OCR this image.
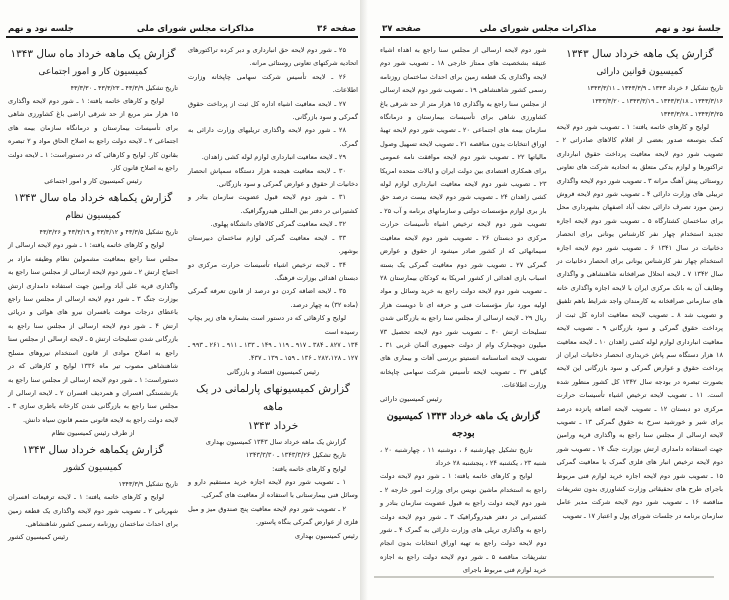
صفحه ۳۶
مذاکرات مجلس شورای ملی
جلسه نود و نهم

۲۵ ـ شور دوم لایحه حق انبارداری و دبر کرده تراکتورهای اتحادیه شرکتهای تعاونی روستائی مرانه.

۲۶ ـ لایحه تأسیس شرکت سهامی چاپخانه وزارت اطلاعات.

۲۷ ـ لایحه معافیت اشیاء اداره کل ثبت از پرداخت حقوق گمرکی و سود بازرگانی.

۲۸ ـ شور دوم لایحه واگذاری تریلیهای وزارت دارائی به گمرک.

۲۹ ـ لایحه معافیت انبارداری لوازم لوله کشی زاهدان.

۳۰ ـ لایحه معافیت هیجده هزار دستگاه سمپاش انحصار دخانیات از حقوق و عوارض گمرکی و سود بازرگانی.

۳۱ ـ شور دوم لایحه قبول عضویت سازمان بنادر و کشتیرانی در دفتر بین المللی هیدروگرافیک.

۳۲ ـ لایحه معافیت گمرکی کالاهای دانشگاه پهلوی.

۳۳ ـ لایحه معافیت گمرکی لوازم ساختمان دبیرستان بوشهر.

۳۴ ـ لایحه ترخیص اشیاء تأسیسات حرارت مرکزی دو دبستان اهدائی بوزارت فرهنگ.

۳۵ ـ لایحه اضافه کردن دو درصد از قانون تعرفه گمرکی (ماده ۳۲) به چهار درصد.

لوایح و کارهائی که در دستور است بشماره های زیر بچاپ رسیده است

۱۳۴ ـ ۸۲۷ ـ ۳۸۴ ـ ۹۱۷ ـ ۱۱۹ ـ ۱۴۹ ـ ۱۳۳ ـ ۹۱۱ ـ ۲۶۱ ـ ۹۹۳ ـ ۱۲۷ ـ ۲۸۲،۱۲۸ ـ ۱۳۶ ـ ۱۵۹ ـ ۱۳۹ ـ ۴۳۷.

رئیس کمیسیون اقتصاد و بازرگانی

گزارش کمیسیونهای پارلمانی در یک ماهه
خرداد ۱۳۴۳

گزارش یک ماهه خرداد سال ۱۳۴۳ کمیسیون بهداری

تاریخ تشکیل ۱۳۴۳/۳/۲۶ ـ ۱۳۴۳/۳/۳۰

لوایح و کارهای خاتمه یافته:

۱ ـ تصویب شور دوم لایحه اجازه خرید مستقیم دارو و وسائل فنی بیمارستانی با استفاده از معافیت های گمرکی.

۲ ـ تصویب شور دوم لایحه معافیت پنج صندوق میز و مبل فلزی از عوارض گمرکی بنگاه پاستور.

رئیس کمیسیون بهداری

گزارش یک ماهه خرداد ماه سال ۱۳۴۳
کمیسیون کار و امور اجتماعی

تاریخ تشکیل ۴۳/۳/۹ ـ ۴۳/۳/۲۳ ـ ۴۳/۳/۳۰

لوایح و کارهای خاتمه یافته: ۱ ـ شور دوم لایحه واگذاری ۱۵ هزار متر مربع از حد شرقی اراضی باغ کشاورزی شاهی برای تأسیسات بیمارستان و درمانگاه سازمان بیمه های اجتماعی ۲ ـ لایحه دولت راجع به اصلاح الحاق مواد و ۲ تبصره بقانون کار. لوایح و کارهائی که در دستوراست: ۱ ـ لایحه دولت راجع به اصلاح قانون کار.

رئیس کمیسیون کار و امور اجتماعی

گزارش یکماهه خرداد ماه سال ۱۳۴۳
کمیسیون نظام

تاریخ تشکیل ۴۳/۳/۵ و ۴۳/۳/۱۲ و ۴۳/۳/۱۹ و ۴۳/۳/۲۶

لوایح و کارهای خاتمه یافته: ۱ ـ شور دوم لایحه ارسالی از مجلس سنا راجع بمعافیت مشمولین نظام وظیفه مازاد بر احتیاج ارتش ۲ ـ شور دوم لایحه ارسالی از مجلس سنا راجع به واگذاری قریه علی آباد ورامین جهت استفاده دامداری ارتش بوزارت جنگ ۳ ـ شور دوم لایحه ارسالی از مجلس سنا راجع باعطای درجات موقت بافسران نیرو های هوائی و دریائی ارتش ۴ ـ شور دوم لایحه ارسالی از مجلس سنا راجع به بازرگانی شدن تسلیحات ارتش ۵ ـ لایحه ارسالی از مجلس سنا راجع به اصلاح موادی از قانون استخدام نیروهای مسلح شاهنشاهی مصوب تیر ماه ۱۳۳۶ لوایح و کارهائی که در دستوراست: ۱ ـ شور دوم لایحه ارسالی از مجلس سنا راجع به بازنشستگی افسران و همردیف افسران ۲ ـ لایحه ارسالی از مجلس سنا راجع به بازرگانی شدن کارخانه باطری سازی ۳ ـ لایحه دولت راجع به لایحه قانونی متمم قانون سیاه دانش.

از طرف رئیس کمیسیون نظام

گزارش یکماهه خرداد سال ۱۳۴۳
کمیسیون کشور

تاریخ تشکیل ۱۳۴۳/۳/۹

لوایح و کارهای خاتمه یافته: ۱ ـ لایحه ترفیعات افسران شهربانی ۲ ـ تصویب شور دوم لایحه واگذاری یک قطعه زمین برای احداث ساختمان روزنامه رسمی کشور شاهنشاهی.

رئیس کمیسیون کشور

جلسهٔ نود و نهم
مذاکرات مجلس شورای ملی
صفحه ۳۷
گزارش یک ماهه خرداد سال ۱۳۴۳
کمیسیون قوانین دارائی

تاریخ تشکیل ۶ خرداد ۱۳۴۳ ـ ۱۳۴۳/۳/۹ ـ ۱۳۴۳/۳/۱۱

۱۳۴۳/۳/۱۶ ـ ۱۳۴۳/۳/۱۸ ـ ۱۳۴۳/۳/۱۹ ـ ۱۳۴۳/۳/۲۰

۱۳۴۳/۳/۲۵ ـ ۱۳۴۳/۳/۲۸

لوایح و کارهای خاتمه یافته: ۱ ـ تصویب شور دوم لایحه کمک بتوسعه صدور بعضی از اقلام کالاهای صادراتی ۲ ـ تصویب شور دوم لایحه معافیت پرداخت حقوق انبارداری تراکتورها و لوازم یدکی متعلق به اتحادیه شرکت های تعاونی روستائی پیش آهنگ مرانه ۳ ـ تصویب شور دوم لایحه واگذاری تربیلی های وزارت دارائی ۴ ـ تصویب شور دوم لایحه فروش زمین مورد تصرف دارائی نجف آباد اصفهان بشهرداری محل برای ساختمان کشتارگاه ۵ ـ تصویب شور دوم لایحه اجازه تجدید استخدام چهار نفر کارشناس یونانی برای انحصار دخانیات در سال ۱۳۴۱ ۶ ـ تصویب شور دوم لایحه اجازه استخدام چهار نفر کارشناس یونانی برای انحصار دخانیات در سال ۱۳۴۲ ۷ ـ لایحه انحلال صرافخانه شاهنشاهی و واگذاری وظایف آن به بانک مرکزی ایران با لایحه اجازه واگذاری خانه های سازمانی صرافخانه به کارمندان واجد شرایط باهم تلفیق و تصویب شد ۸ ـ تصویب لایحه معافیت اداره کل ثبت از پرداخت حقوق گمرکی و سود بازرگانی ۹ ـ تصویب لایحه معافیت انبارداری لوازم لوله کشی زاهدان ۱۰ ـ لایحه معافیت ۱۸ هزار دستگاه سم پاش خریداری انحصار دخانیات ایران از پرداخت حقوق و عوارض گمرکی و سود بازرگانی این لایحه بصورت تبصره در بودجه سال ۱۳۴۲ کل کشور منظور شده است. ۱۱ ـ تصویب لایحه ترخیص اشیاء تأسیسات حرارت مرکزی دو دبستان ۱۲ ـ تصویب لایحه اضافه پانزده درصد برای شیر و خورشید سرخ به حقوق گمرکی ۱۳ ـ تصویب لایحه ارسالی از مجلس سنا راجع به واگذاری قریه ورامین جهت استفاده دامداری ارتش بوزارت جنگ ۱۴ ـ تصویب شور دوم لایحه ترخیص انبار های فلزی گمرک با معافیت گمرکی ۱۵ ـ تصویب شور دوم لایحه اجازه خرید لوازم فنی مربوط باجرای طرح های تحقیقاتی وزارت کشاورزی بدون تشریفات مناقصه ۱۶ ـ تصویب شور دوم لایحه شرکت مدیر عامل سازمان برنامه در جلسات شورای پول و اعتبار ۱۷ ـ تصویب

شور دوم لایحه ارسالی از مجلس سنا راجع به اهداء اشیاء عتیقه بشخصیت های ممتاز خارجی ۱۸ ـ تصویب شور دوم لایحه واگذاری یک قطعه زمین برای احداث ساختمان روزنامه رسمی کشور شاهنشاهی ۱۹ ـ تصویب شور دوم لایحه ارسالی از مجلس سنا راجع به واگذاری ۱۵ هزار متر از حد شرقی باغ کشاورزی شاهی برای تأسیسات بیمارستان و درمانگاه سازمان بیمه های اجتماعی ۲۰ ـ تصویب شور دوم لایحه تهیهٔ اوراق انتخابات بدون مناقصه ۲۱ ـ تصویب لایحه تسهیل وصول مالیاتها ۲۲ ـ تصویب شور دوم لایحه موافقت نامه عمومی برای همکاری اقتصادی بین دولت ایران و ایالات متحده امریکا ۲۳ ـ تصویب شور دوم لایحه معافیت انبارداری لوازم لوله کشی زاهدان ۲۴ ـ تصویب شور دوم لایحه بیست درصد حق بار بری لوازم مؤسسات دولتی و سازمانهای برنامه و آب ۲۵ ـ تصویب شور دوم لایحه ترخیص اشیاء تأسیسات حرارت مرکزی دو دبستان ۲۶ ـ تصویب شور دوم لایحه معافیت سیمانهائی که از کشور صادر میشود از حقوق و عوارض گمرکی ۲۷ ـ تصویب شور دوم معافیت گمرکی یک بسته اسباب بازی اهدائی از کشور امریکا به کودکان بیمارستان ۲۸ ـ تصویب شور دوم لایحه دولت راجع به خرید وسائل و مواد اولیه مورد نیاز مؤسسات فنی و حرفه ای تا دویست هزار ریال ۲۹ ـ لایحه ارسالی از مجلس سنا راجع به بازرگانی شدن تسلیحات ارتش ۳۰ ـ تصویب شور دوم لایحه تحصیل ۷۳ میلیون دویچمارک وام از دولت جمهوری آلمان غربی ۳۱ ـ تصویب لایحه اساسنامه انستیتو بررسی آفات و بیماری های گیاهی ۳۲ ـ تصویب لایحه تأسیس شرکت سهامی چاپخانه وزارت اطلاعات.

رئیس کمیسیون دارائی

گزارش یک ماهه خرداد ۱۳۴۳ کمیسیون بودجه

تاریخ تشکیل چهارشنبه ۶ ، دوشنبه ۱۱ ، چهارشنبه ۲۰ ، شنبه ۲۳ ، یکشنبه ۲۴ ، پنجشنبه ۲۸ خرداد

لوایح و کارهای خاتمه یافته: ۱ ـ شور دوم لایحه دولت راجع به استخدام ماشین نویس برای وزارت امور خارجه ۲ ـ شور دوم لایحه دولت راجع به قبول عضویت سازمان بنادر و کشتیرانی در دفتر هیدروگرافیک ۳ ـ شور دوم لایحه دولت راجع به واگذاری تریلی های وزارت دارائی به گمرک ۴ ـ شور دوم لایحه دولت راجع به تهیه اوراق انتخابات بدون انجام تشریفات مناقصه ۵ ـ شور دوم لایحه دولت راجع به اجازه خرید لوازم فنی مربوط باجرای
